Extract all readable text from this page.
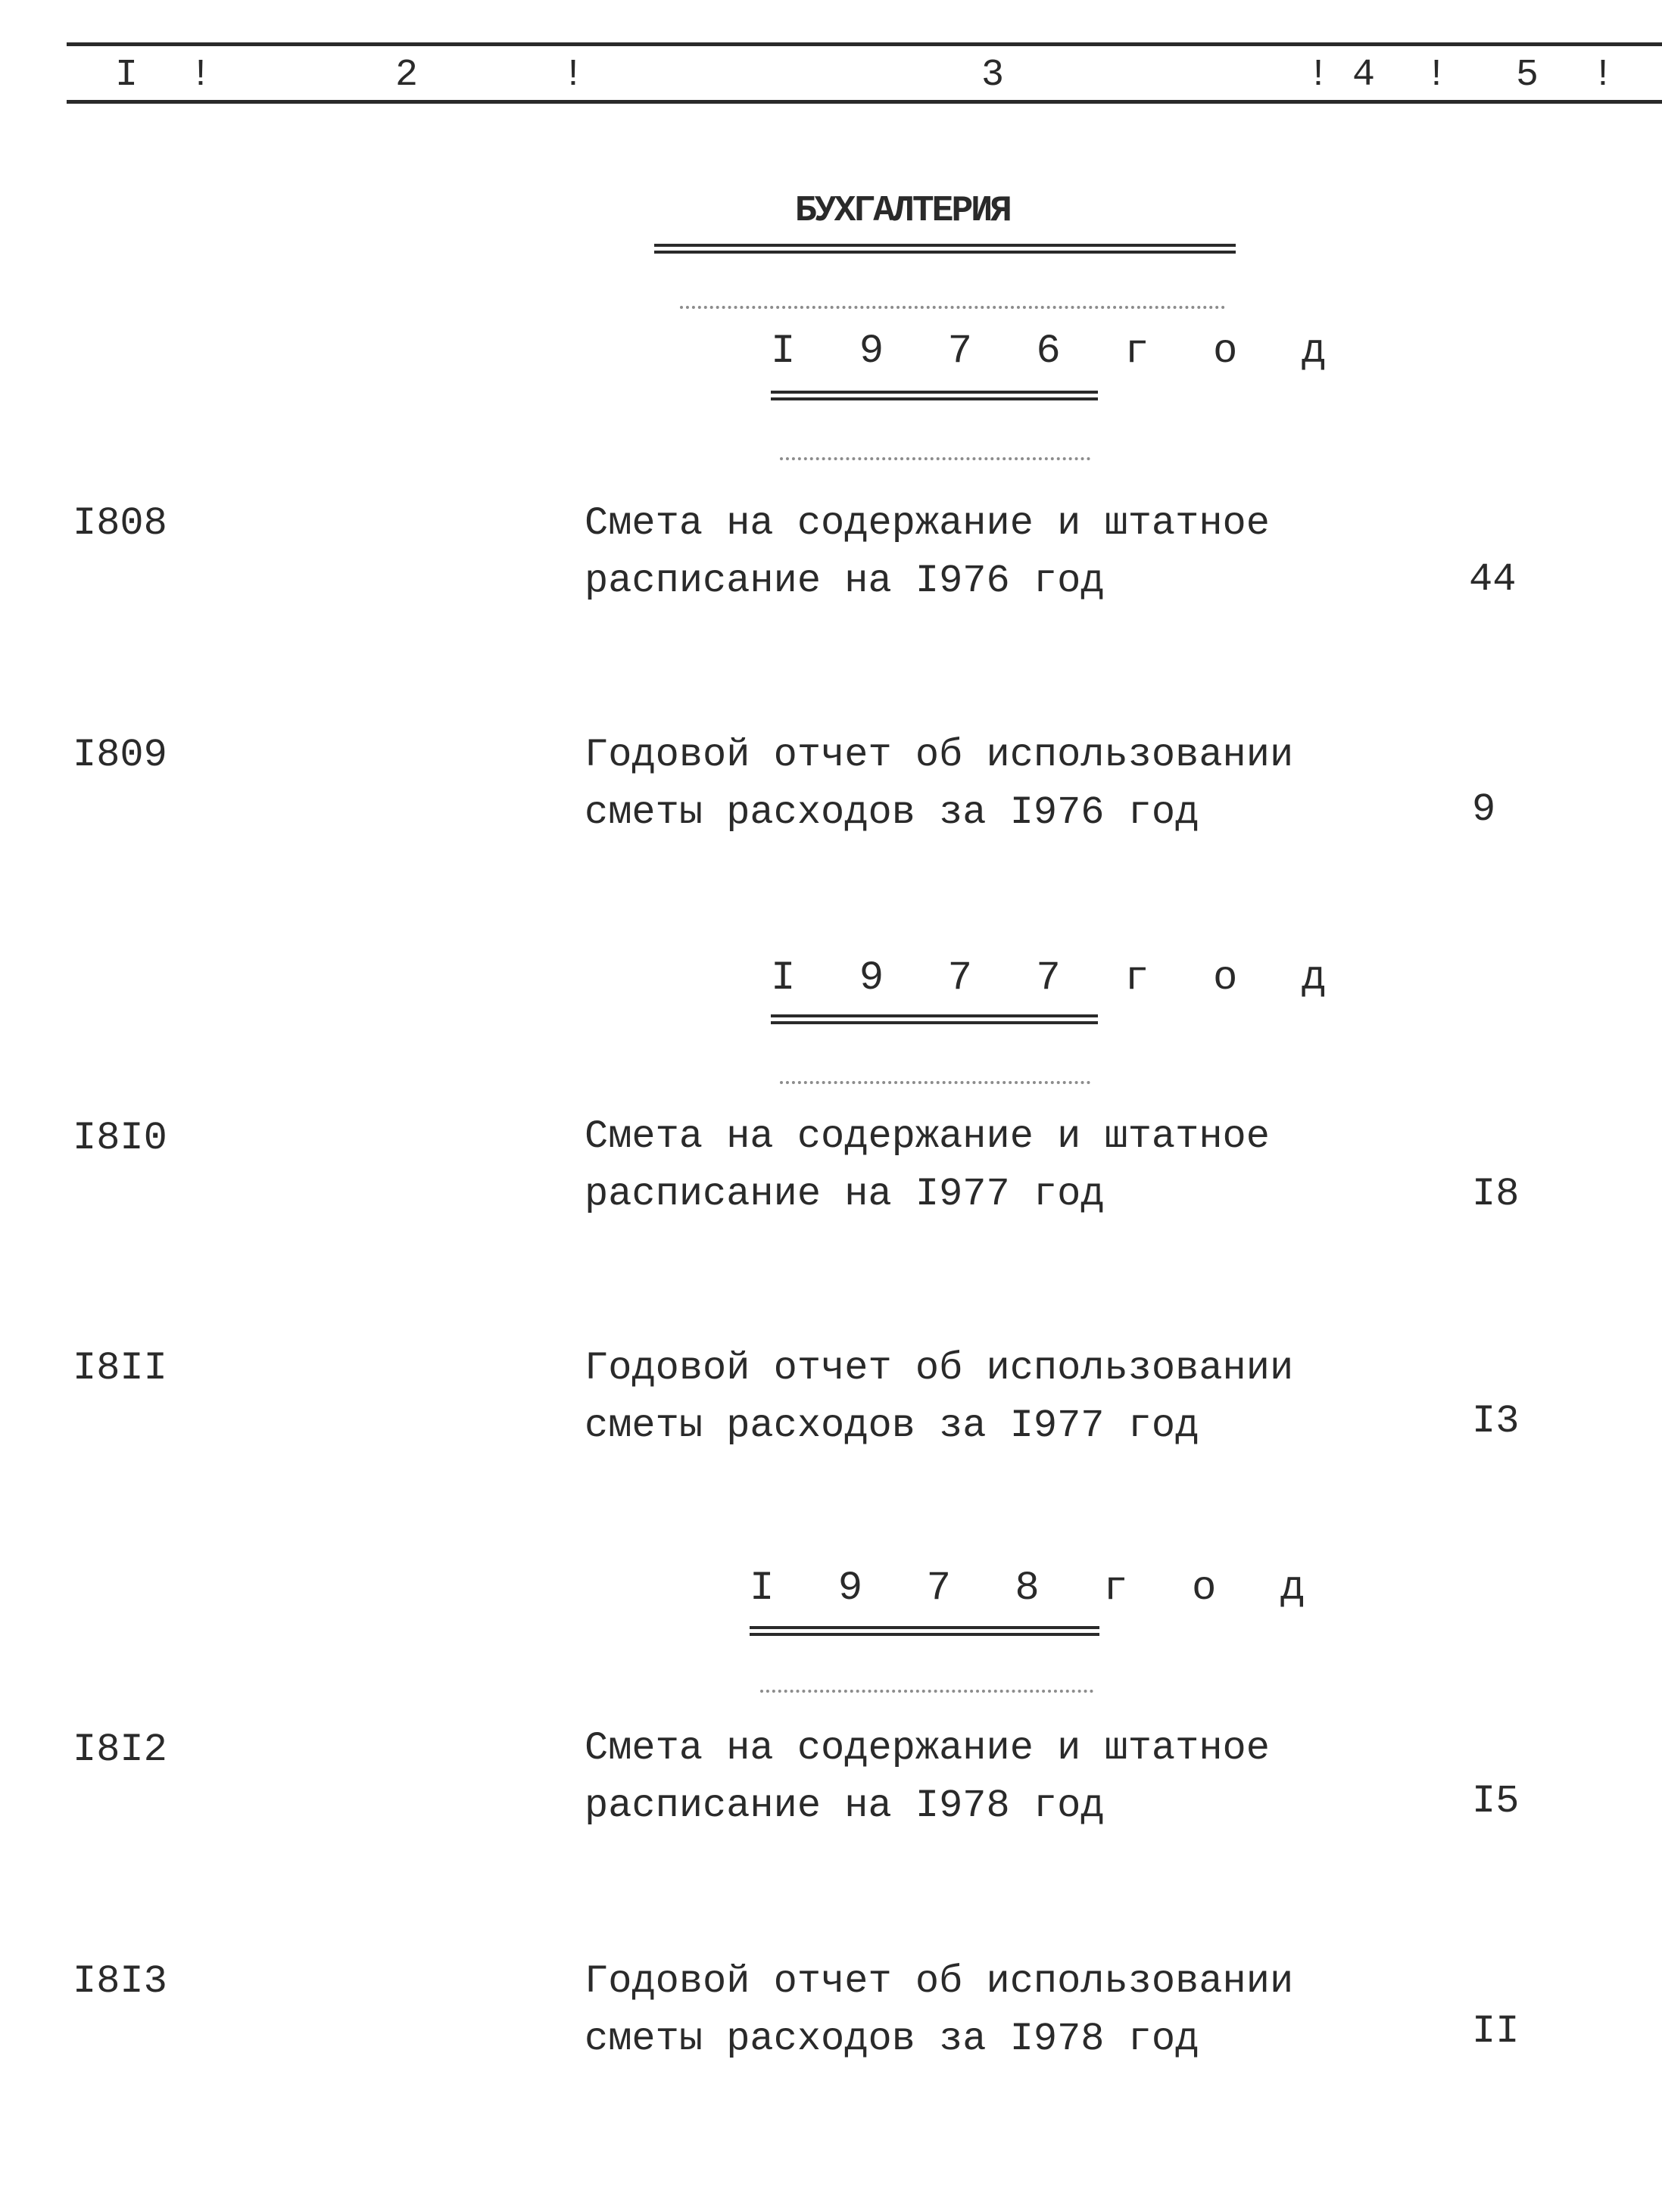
I !	2	!	3	! 4 ! 5 !
БУХГАЛТЕРИЯ
I 9 7 6 г о д
I808	Смета на содержание и штатное
расписание на I976 год	44
I809	Годовой отчет об использовании
сметы расходов за I976 год	9
I 9 7 7 г о д
I8I0	Смета на содержание и штатное
расписание на I977 год	I8
I8II	Годовой отчет об использовании
сметы расходов за I977 год	I3
I 9 7 8 г о д
I8I2	Смета на содержание и штатное
расписание на I978 год	I5
I8I3	Годовой отчет об использовании
сметы расходов за I978 год	II
